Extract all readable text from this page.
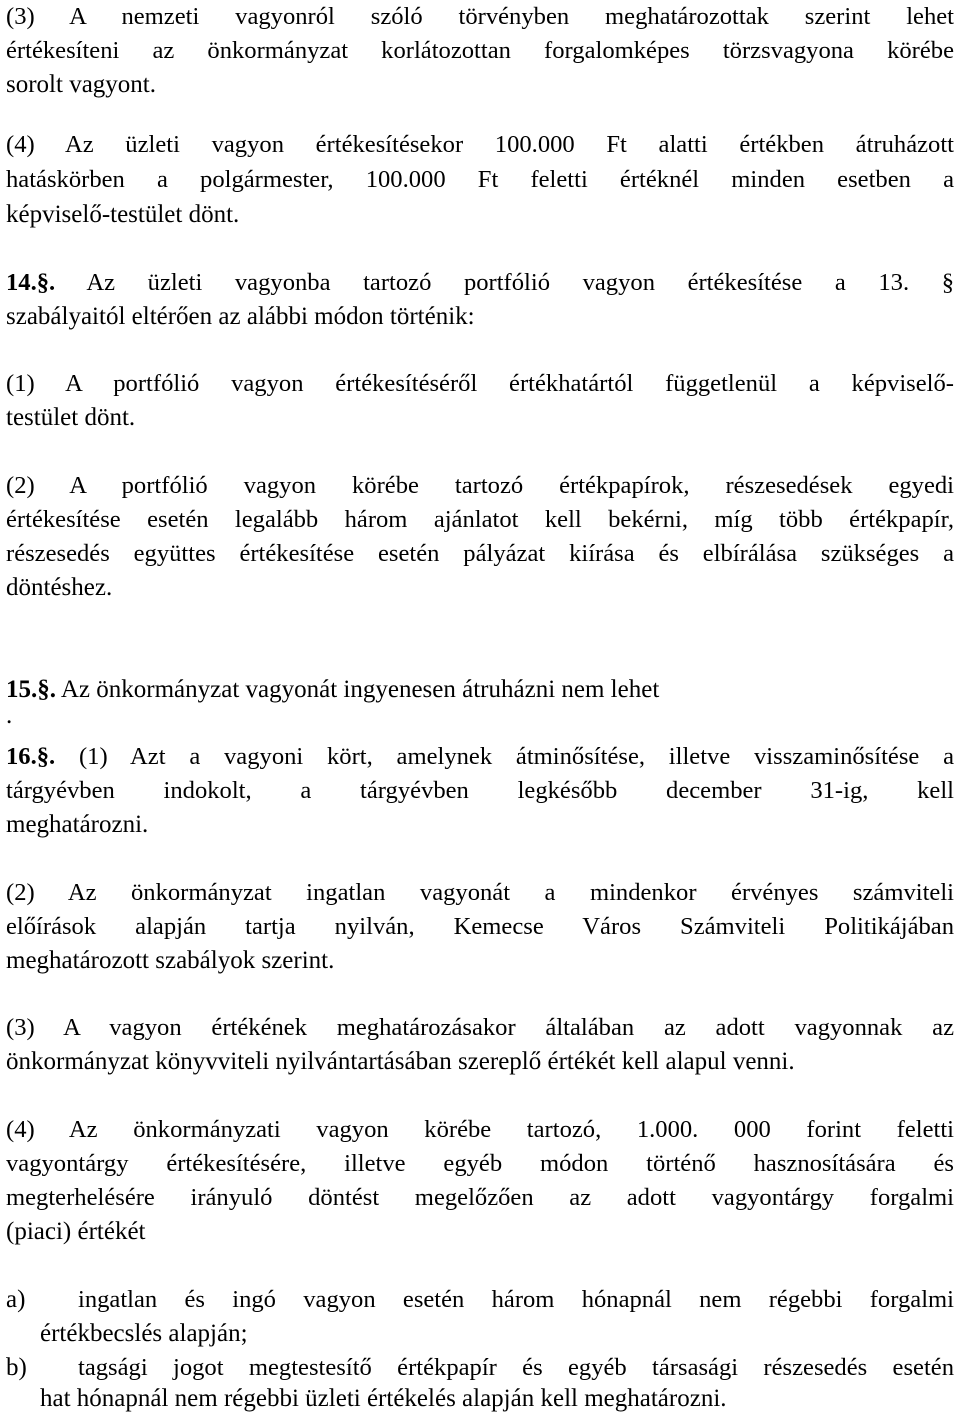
(3) A nemzeti vagyonról szóló törvényben meghatározottak szerint lehet
értékesíteni az önkormányzat korlátozottan forgalomképes törzsvagyona körébe
sorolt vagyont.
(4) Az üzleti vagyon értékesítésekor 100.000 Ft alatti értékben átruházott
hatáskörben a polgármester, 100.000 Ft feletti értéknél minden esetben a
képviselő-testület dönt.
14.§. Az üzleti vagyonba tartozó portfólió vagyon értékesítése a 13. §
szabályaitól eltérően az alábbi módon történik:
(1) A portfólió vagyon értékesítéséről értékhatártól függetlenül a képviselő-
testület dönt.
(2) A portfólió vagyon körébe tartozó értékpapírok, részesedések egyedi
értékesítése esetén legalább három ajánlatot kell bekérni, míg több értékpapír,
részesedés együttes értékesítése esetén pályázat kiírása és elbírálása szükséges a
döntéshez.
15.§. Az önkormányzat vagyonát ingyenesen átruházni nem lehet
.
16.§. (1) Azt a vagyoni kört, amelynek átminősítése, illetve visszaminősítése a
tárgyévben indokolt, a tárgyévben legkésőbb december 31-ig, kell
meghatározni.
(2) Az önkormányzat ingatlan vagyonát a mindenkor érvényes számviteli
előírások alapján tartja nyilván, Kemecse Város Számviteli Politikájában
meghatározott szabályok szerint.
(3) A vagyon értékének meghatározásakor általában az adott vagyonnak az
önkormányzat könyvviteli nyilvántartásában szereplő értékét kell alapul venni.
(4) Az önkormányzati vagyon körébe tartozó, 1.000. 000 forint feletti
vagyontárgy értékesítésére, illetve egyéb módon történő hasznosítására és
megterhelésére irányuló döntést megelőzően az adott vagyontárgy forgalmi
(piaci) értékét
a)	ingatlan és ingó vagyon esetén három hónapnál nem régebbi forgalmi
értékbecslés alapján;
b)	tagsági jogot megtestesítő értékpapír és egyéb társasági részesedés esetén
hat hónapnál nem régebbi üzleti értékelés alapján kell meghatározni.
